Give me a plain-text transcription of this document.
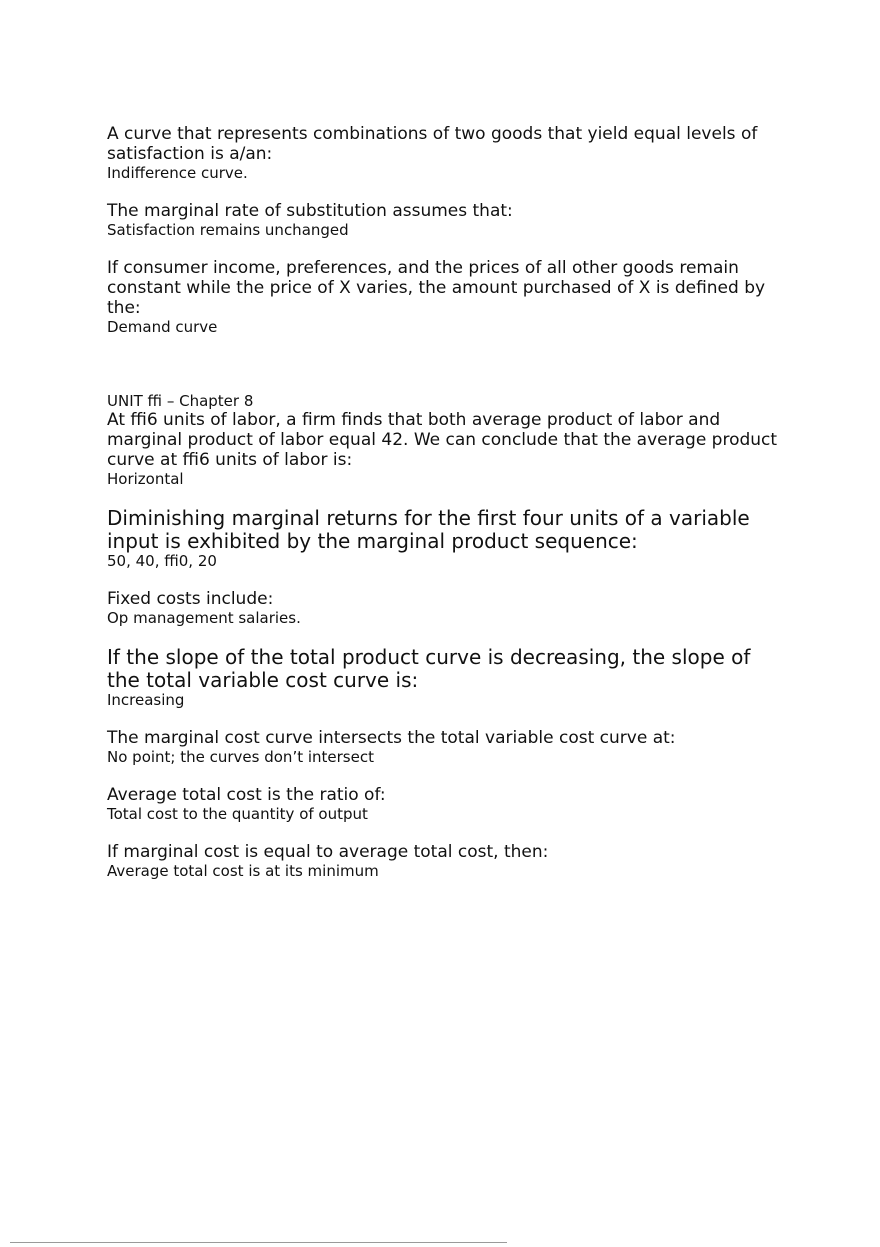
A curve that represents combinations of two goods that yield equal levels of satisfaction is a/an:

Indifference curve.

The marginal rate of substitution assumes that:

Satisfaction remains unchanged

If consumer income, preferences, and the prices of all other goods remain constant while the price of X varies, the amount purchased of X is defined by the:

Demand curve

UNIT ﬃ – Chapter 8

At ﬃ6 units of labor, a firm finds that both average product of labor and marginal product of labor equal 42. We can conclude that the average product curve at ﬃ6 units of labor is:

Horizontal

Diminishing marginal returns for the first four units of a variable input is exhibited by the marginal product sequence:

50, 40, ﬃ0, 20

Fixed costs include:

Op management salaries.

If the slope of the total product curve is decreasing, the slope of the total variable cost curve is:

Increasing

The marginal cost curve intersects the total variable cost curve at:

No point; the curves don’t intersect

Average total cost is the ratio of:

Total cost to the quantity of output

If marginal cost is equal to average total cost, then:

Average total cost is at its minimum
